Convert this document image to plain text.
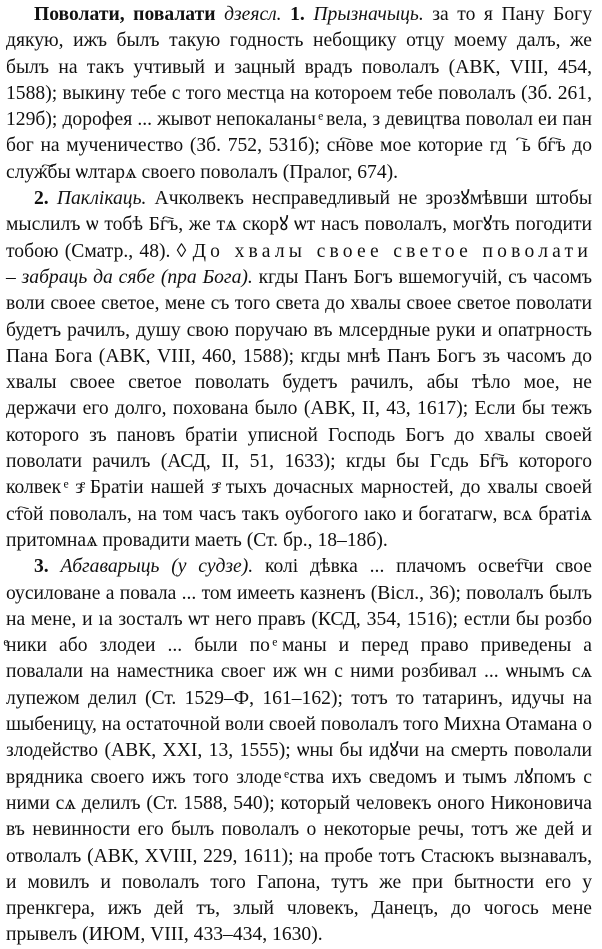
Поволати, повалати дзеясл. 1. Прызначыць. за то я Пану Богу дякую, ижъ былъ такую годность небощику отцу моему далъ, же былъ на такъ учтивый и зацный врадъ поволалъ (АВК, VIII, 454, 1588); выкину тебе с того местца на котороем тебе поволалъ (Зб. 261, 129б); дорофея ... жывот непокаланы ͤ вела, з девицтва поволал еи пан бог на мученичество (Зб. 752, 531б); сн҇ове мое которие гдⷭ҇ь бг҇ъ до служ҇бы ѡлтарѧ своего поволалъ (Пралог, 674).

2. Паклікаць. Ачколвекъ несправедливый не зрозꙋмѣвши штобы мыслилъ ѡ тобѣ Бг҇ъ, же тѧ скорꙋ ѡт насъ поволалъ, могꙋть погодити тобою (Cматр., 48). ◊ До хвалы своее светое поволати – забраць да сябе (пра Бога). кгды Панъ Богъ вшемогучій, съ часомъ воли своее светое, мене съ того света до хвалы своее светое поволати будетъ рачилъ, душу свою поручаю въ млсердные руки и опатрность Пана Бога (АВК, VIII, 460, 1588); кгды мнѣ Панъ Богъ зъ часомъ до хвалы своее светое поволать будетъ рачилъ, абы тѣло мое, не держачи его долго, похована было (АВК, II, 43, 1617); Если бы тежъ которого зъ пановъ братіи уписной Господь Богъ до хвалы своей поволати рачилъ (АСД, II, 51, 1633); кгды бы Гсдь Бг҇ъ которого колвек ͤ зͤ Братіи нашей зͤ тыхъ дочасных марностей, до хвалы своей ст҇ой поволалъ, на том часъ такъ оубогого ıако и богатагѡ, всѧ братіѧ притомнаѧ провадити маеть (Ст. бр., 18–18б).

3. Абгаварыць (у судзе). колі дѣвка ... плачомъ освет҇чи свое оусиловане а повала ... том имееть казненъ (Вісл., 36); поволалъ былъ на мене, и ıа зосталъ ѡт него правъ (КСД, 354, 1516); естли бы розбо ͤники або злодеи ... были по ͤманы и перед право приведены а повалали на наместника своег иж ѡн с ними розбивал ... ѡнымъ сѧ лупежом делил (Ст. 1529–Ф, 161–162); тотъ то татаринъ, идучы на шыбеницу, на остаточной воли своей поволалъ того Михна Отамана о злодейство (АВК, XXI, 13, 1555); ѡны бы идꙋчи на смерть поволали врядника своего ижъ того злоде ͤства ихъ сведомъ и тымъ лꙋпомъ с ними сѧ делилъ (Ст. 1588, 540); который человекъ оного Никоновича въ невинности его былъ поволалъ о некоторые речы, тотъ же дей и отволалъ (АВК, XVIII, 229, 1611); на пробе тотъ Стасюкъ вызнавалъ, и мовилъ и поволалъ того Гапона, тутъ же при бытности его у пренкгера, ижъ дей тъ, злый чловекъ, Данецъ, до чогось мене прывелъ (ИЮМ, VIII, 433–434, 1630).
